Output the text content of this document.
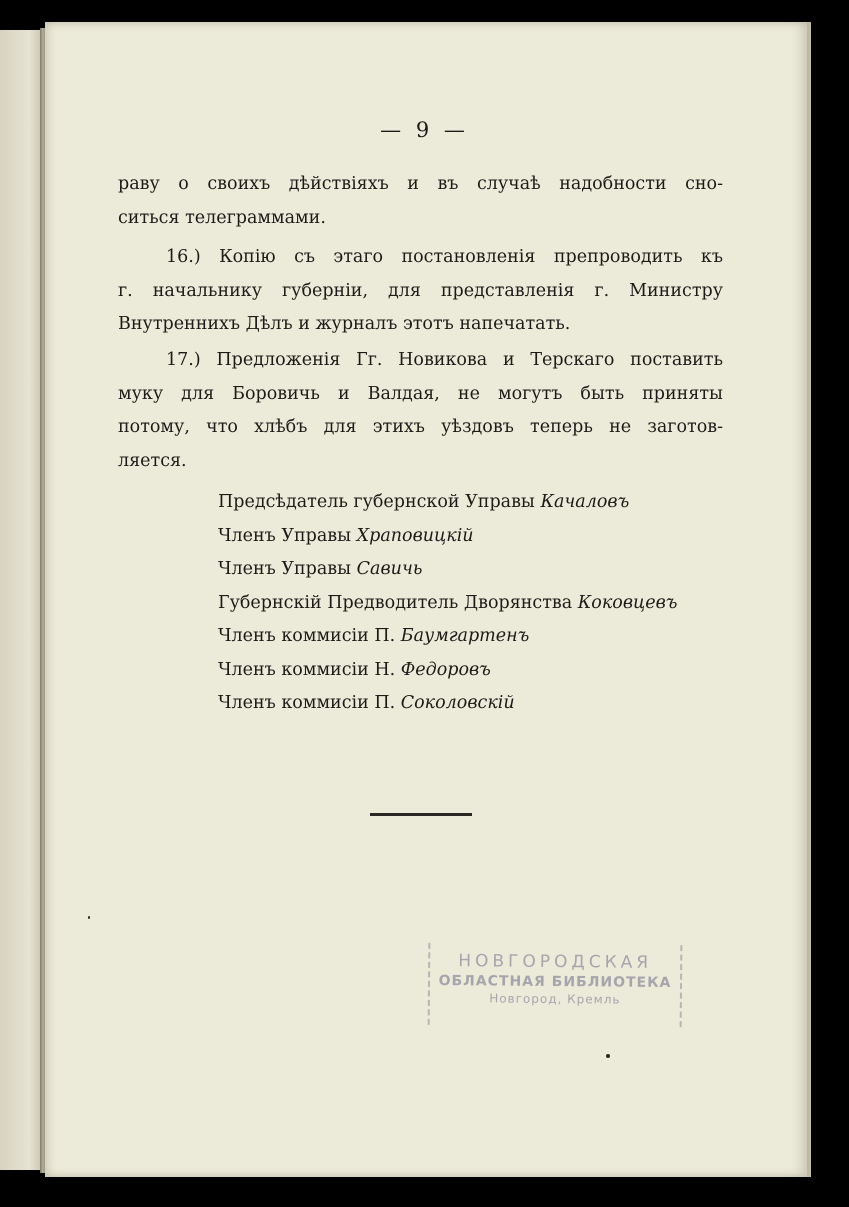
— 9 —
раву о своихъ дѣйствіяхъ и въ случаѣ надобности сно-
ситься телеграммами.
16.) Копію съ этаго постановленія препроводить къ
г. начальнику губерніи, для представленія г. Министру
Внутреннихъ Дѣлъ и журналъ этотъ напечатать.
17.) Предложенія Гг. Новикова и Терскаго поставить
муку для Боровичь и Валдая, не могутъ быть приняты
потому, что хлѣбъ для этихъ уѣздовъ теперь не заготов-
ляется.
Предсѣдатель губернской Управы Качаловъ
Членъ Управы Храповицкій
Членъ Управы Савичь
Губернскій Предводитель Дворянства Коковцевъ
Членъ коммисіи П. Баумгартенъ
Членъ коммисіи Н. Федоровъ
Членъ коммисіи П. Соколовскій
НОВГОРОДСКАЯ
ОБЛАСТНАЯ БИБЛИОТЕКА
Новгород, Кремль
